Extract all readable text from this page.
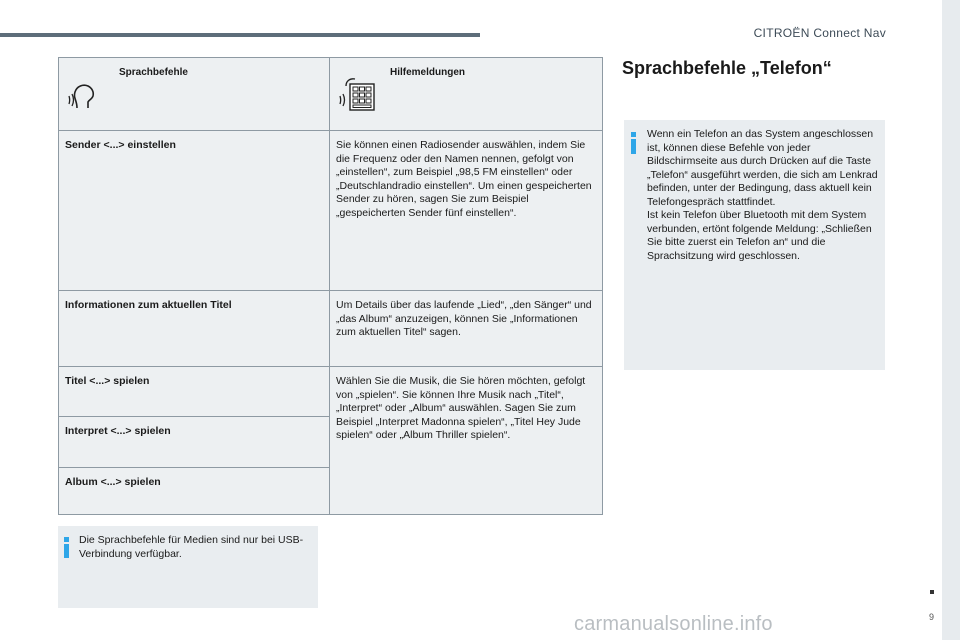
CITROËN Connect Nav
Sprachbefehle	Hilfemeldungen

Sender <...> einstellen	Sie können einen Radiosender auswählen, indem Sie die Frequenz oder den Namen nennen, gefolgt von „einstellen“, zum Beispiel „98,5 FM einstellen“ oder „Deutschlandradio einstellen“. Um einen gespeicherten Sender zu hören, sagen Sie zum Beispiel „gespeicherten Sender fünf einstellen“.
Informationen zum aktuellen Titel	Um Details über das laufende „Lied“, „den Sänger“ und „das Album“ anzuzeigen, können Sie „Informationen zum aktuellen Titel“ sagen.
Titel <...> spielen	Wählen Sie die Musik, die Sie hören möchten, gefolgt von „spielen“. Sie können Ihre Musik nach „Titel“, „Interpret“ oder „Album“ auswählen. Sagen Sie zum Beispiel „Interpret Madonna spielen“, „Titel Hey Jude spielen“ oder „Album Thriller spielen“.
Interpret <...> spielen	
Album <...> spielen	
Die Sprachbefehle für Medien sind nur bei USB-Verbindung verfügbar.
Sprachbefehle „Telefon“
Wenn ein Telefon an das System angeschlossen ist, können diese Befehle von jeder Bildschirmseite aus durch Drücken auf die Taste „Telefon“ ausgeführt werden, die sich am Lenkrad befinden, unter der Bedingung, dass aktuell kein Telefongespräch stattfindet.
Ist kein Telefon über Bluetooth mit dem System verbunden, ertönt folgende Meldung: „Schließen Sie bitte zuerst ein Telefon an“ und die Sprachsitzung wird geschlossen.
9
carmanualsonline.info
